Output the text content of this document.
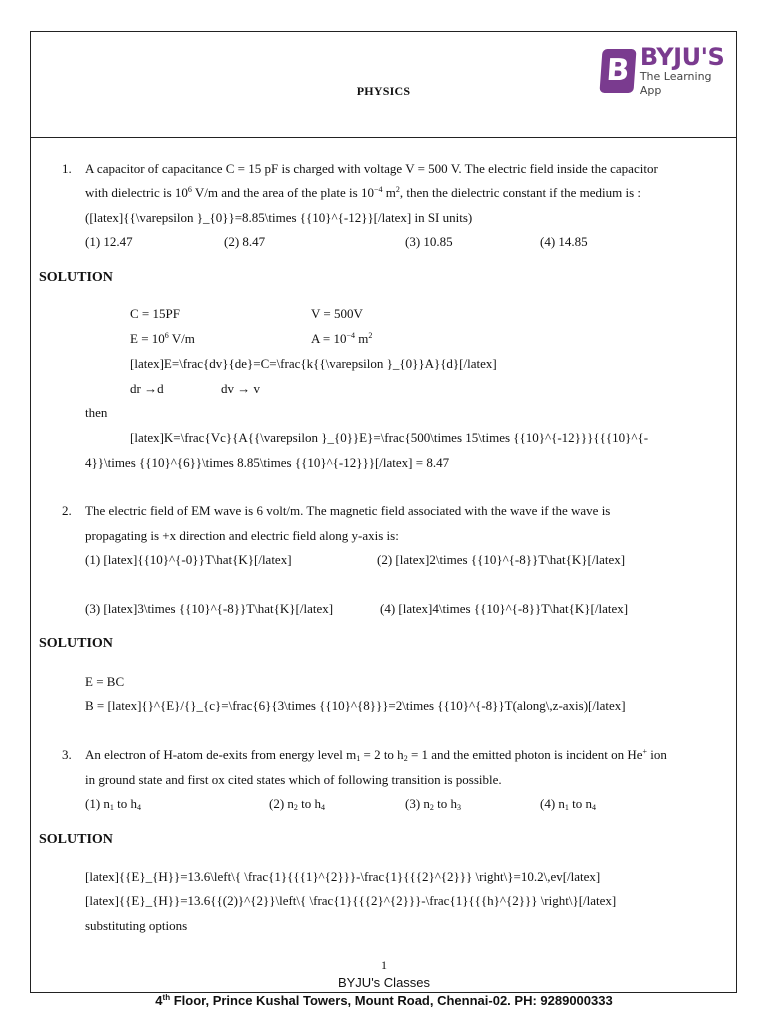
PHYSICS
B BYJU'S
The Learning App
1. A capacitor of capacitance C = 15 pF is charged with voltage V = 500 V. The electric field inside the capacitor
with dielectric is $10^6$ V/m and the area of the plate is $10^{-4}$ $m^2$, then the dielectric constant if the medium is :
([latex]{{\varepsilon }_{0}}=8.85\times {{10}^{-12}}[/latex] in SI units)
(1) 12.47	(2) 8.47	(3) 10.85	(4) 14.85
SOLUTION
C = 15PF	V = 500V
$E = 10^6$ V/m	$A = 10^{-4}$ $m^2$
[latex]E=\frac{dv}{de}=C=\frac{k{{\varepsilon }_{0}}A}{d}[/latex]
dr →d	dv → v
then
[latex]K=\frac{Vc}{A{{\varepsilon }_{0}}E}=\frac{500\times 15\times {{10}^{-12}}}{{{10}^{-
4}}\times {{10}^{6}}\times 8.85\times {{10}^{-12}}}[/latex] = 8.47
2. The electric field of EM wave is 6 volt/m. The magnetic field associated with the wave if the wave is
propagating is +x direction and electric field along y-axis is:
(1) [latex]{{10}^{-0}}T\hat{K}[/latex]	(2) [latex]2\times {{10}^{-8}}T\hat{K}[/latex]
(3) [latex]3\times {{10}^{-8}}T\hat{K}[/latex]	(4) [latex]4\times {{10}^{-8}}T\hat{K}[/latex]
SOLUTION
E = BC
B = [latex]{}^{E}/{}_{c}=\frac{6}{3\times {{10}^{8}}}=2\times {{10}^{-8}}T(along\,z-axis)[/latex]
3. An electron of H-atom de-exits from energy level $m_1 = 2$ to $h_2 = 1$ and the emitted photon is incident on He+ ion
in ground state and first ox cited states which of following transition is possible.
(1) $n_1$ to $h_4$	(2) $n_2$ to $h_4$	(3) $n_2$ to $h_3$	(4) $n_1$ to $n_4$
SOLUTION
[latex]{{E}_{H}}=13.6\left\{ \frac{1}{{{1}^{2}}}-\frac{1}{{{2}^{2}}} \right\}=10.2\,ev[/latex]
[latex]{{E}_{H}}=13.6{{(2)}^{2}}\left\{ \frac{1}{{{2}^{2}}}-\frac{1}{{{h}^{2}}} \right\}[/latex]
substituting options
1
BYJU's Classes
4th Floor, Prince Kushal Towers, Mount Road, Chennai-02. PH: 9289000333
